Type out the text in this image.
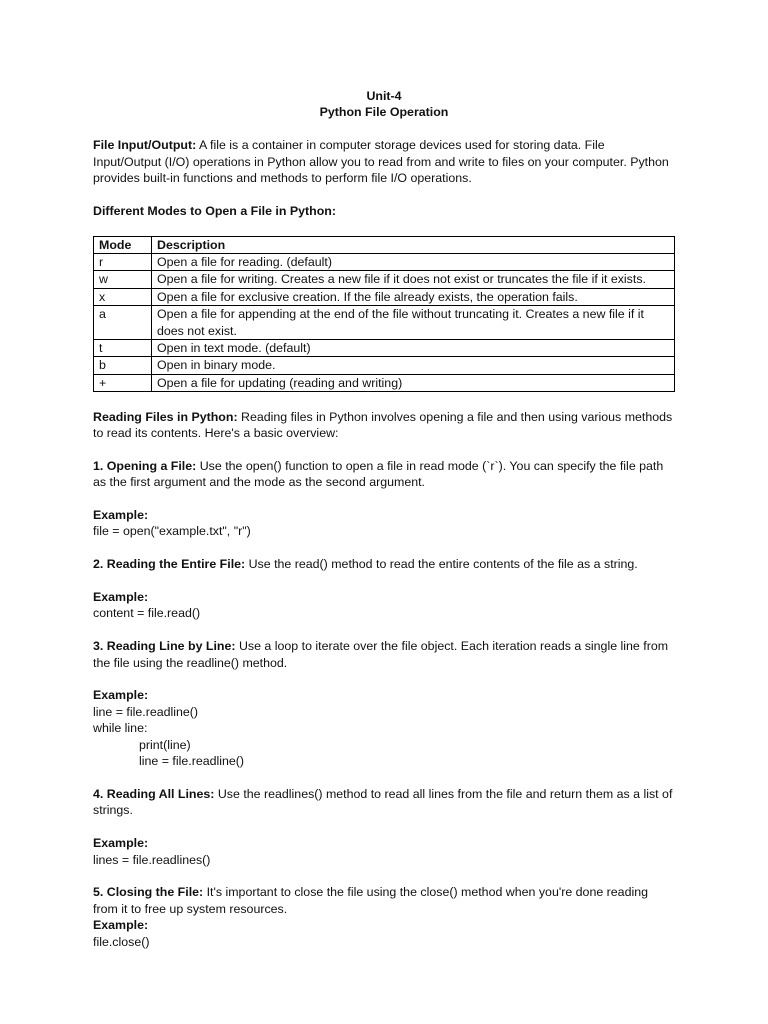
Unit-4
Python File Operation

File Input/Output: A file is a container in computer storage devices used for storing data. File Input/Output (I/O) operations in Python allow you to read from and write to files on your computer. Python provides built-in functions and methods to perform file I/O operations.

Different Modes to Open a File in Python:

Mode	Description
r	Open a file for reading. (default)
w	Open a file for writing. Creates a new file if it does not exist or truncates the file if it exists.
x	Open a file for exclusive creation. If the file already exists, the operation fails.
a	Open a file for appending at the end of the file without truncating it. Creates a new file if it does not exist.
t	Open in text mode. (default)
b	Open in binary mode.
+	Open a file for updating (reading and writing)

Reading Files in Python: Reading files in Python involves opening a file and then using various methods to read its contents. Here's a basic overview:

1. Opening a File: Use the open() function to open a file in read mode (`r`). You can specify the file path as the first argument and the mode as the second argument.

Example:

file = open("example.txt", "r")

2. Reading the Entire File: Use the read() method to read the entire contents of the file as a string.

Example:

content = file.read()

3. Reading Line by Line: Use a loop to iterate over the file object. Each iteration reads a single line from the file using the readline() method.

Example:

line = file.readline()

while line:

print(line)

line = file.readline()

4. Reading All Lines: Use the readlines() method to read all lines from the file and return them as a list of strings.

Example:

lines = file.readlines()

5. Closing the File: It's important to close the file using the close() method when you're done reading from it to free up system resources.

Example:

file.close()
